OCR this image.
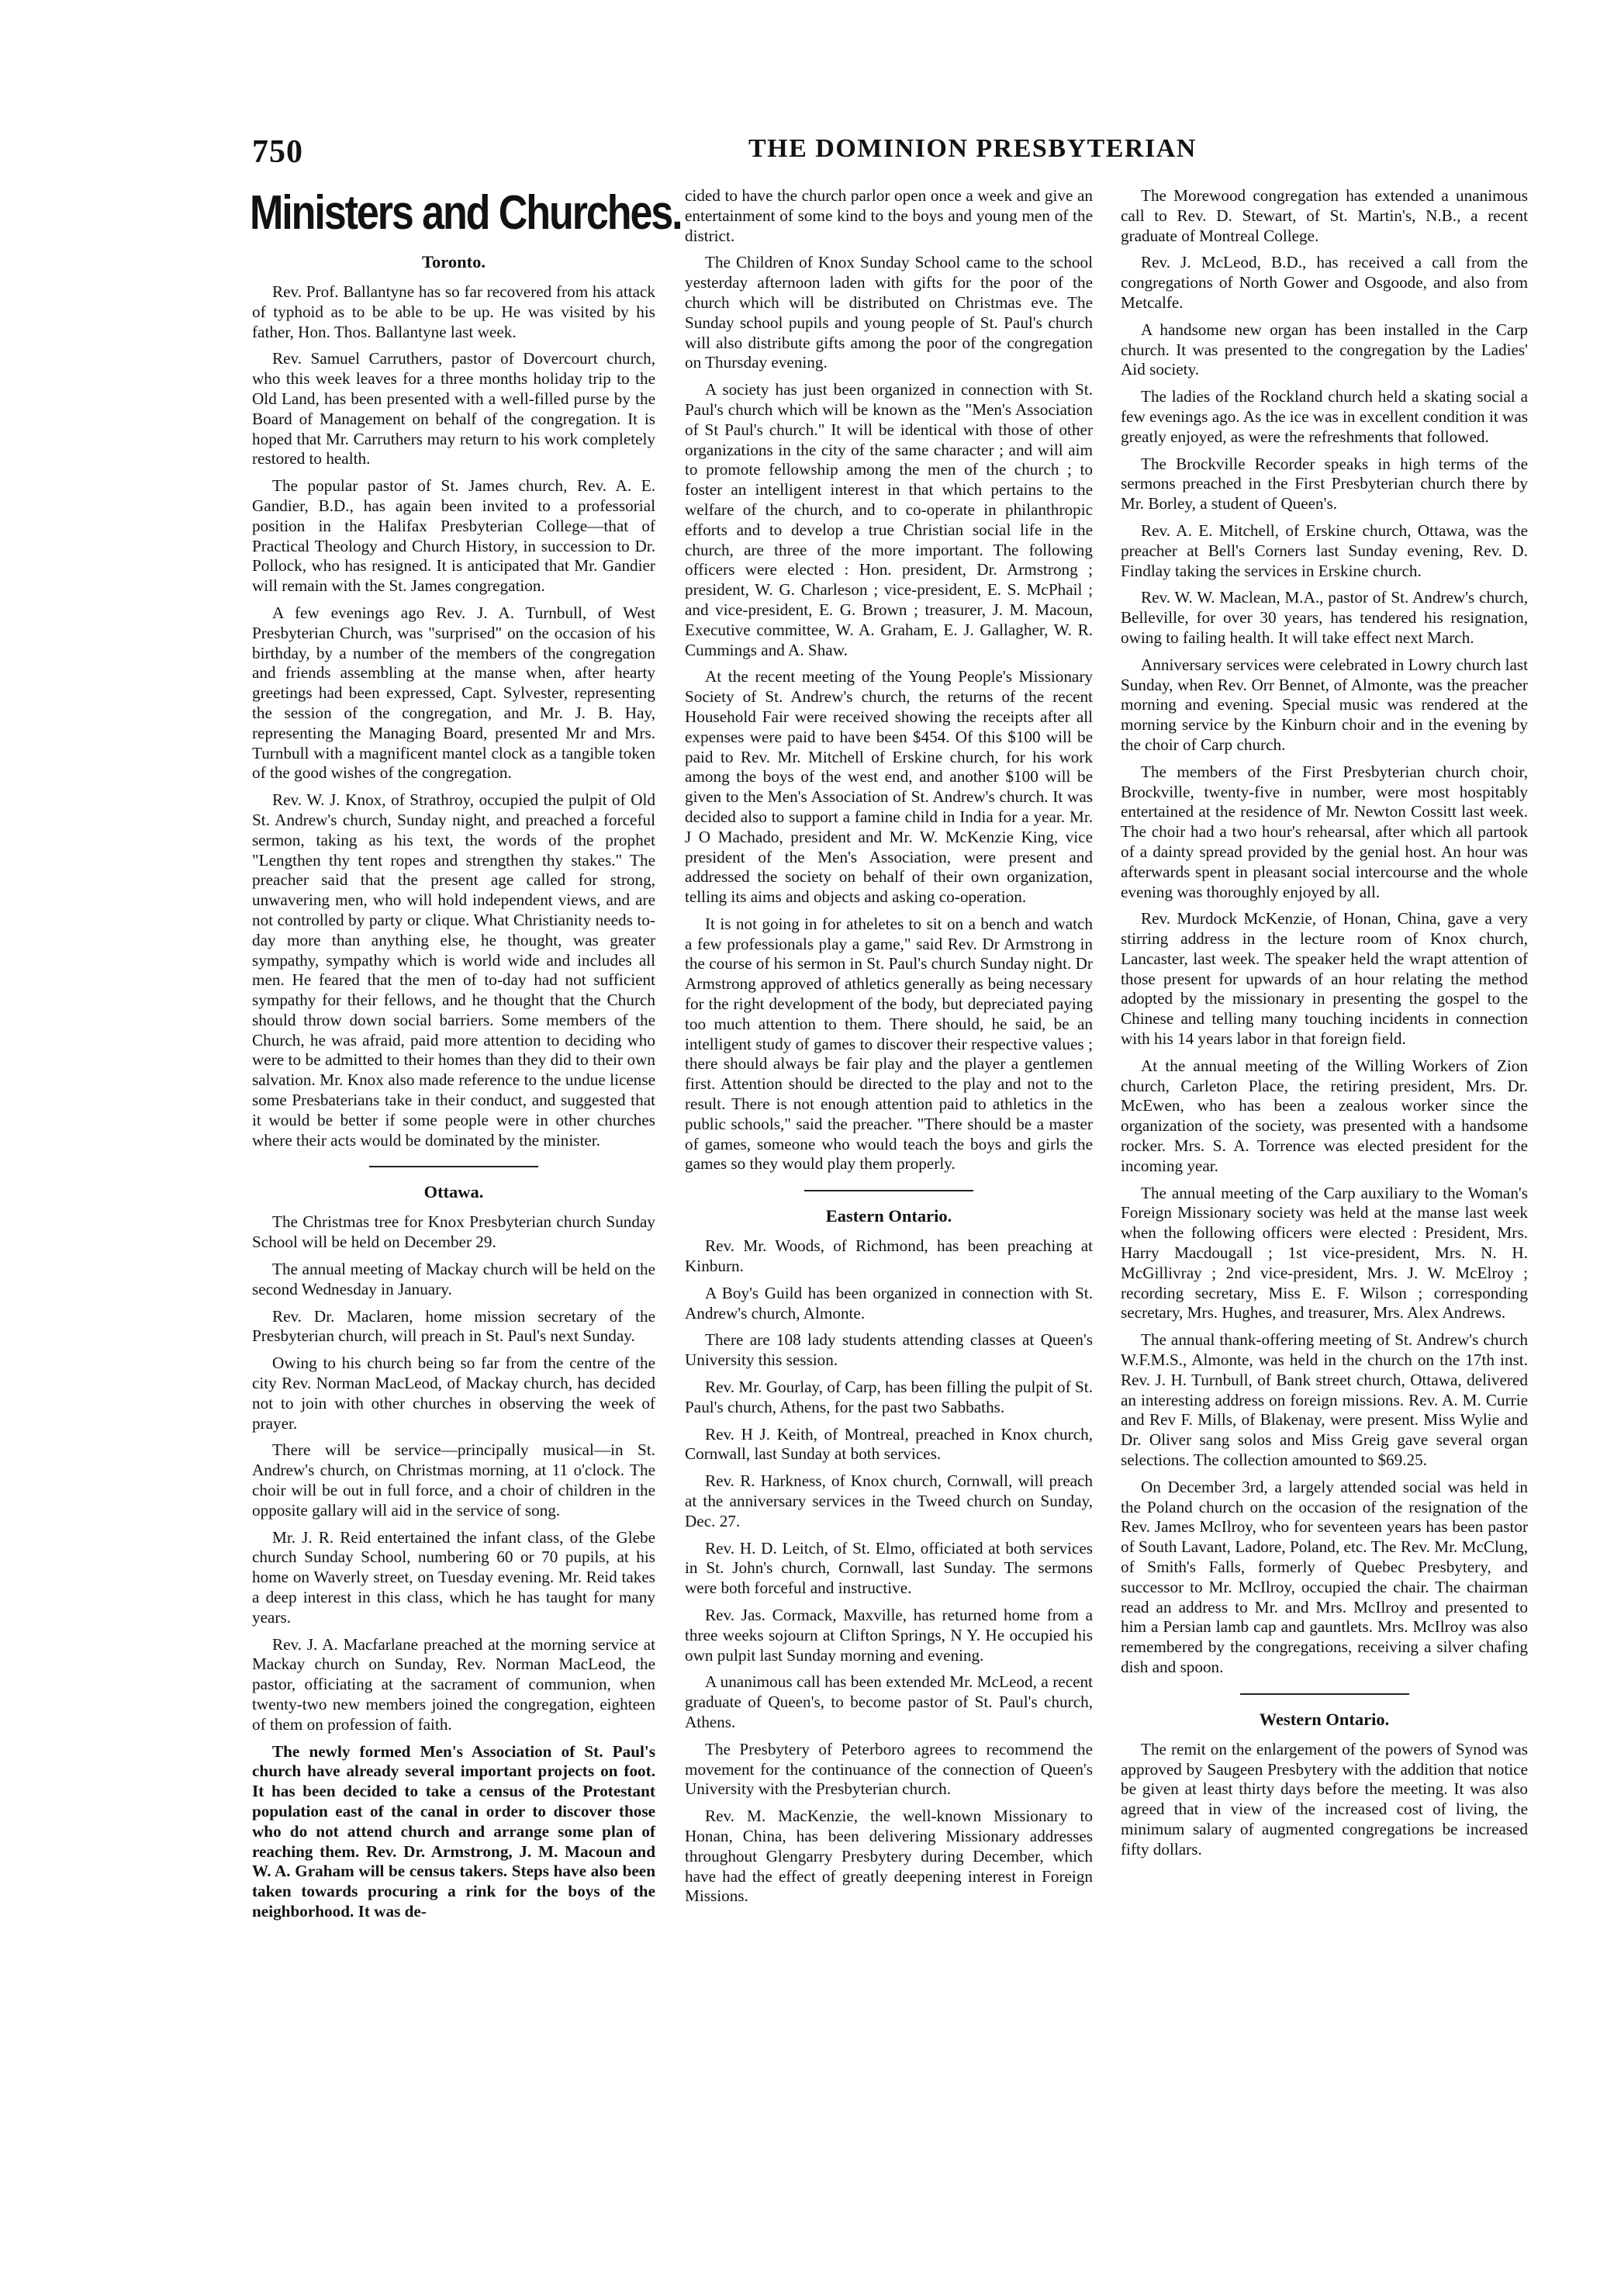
750	THE DOMINION PRESBYTERIAN
Ministers and Churches.
Toronto.

Rev. Prof. Ballantyne has so far recovered from his attack of typhoid as to be able to be up. He was visited by his father, Hon. Thos. Ballantyne last week.

Rev. Samuel Carruthers, pastor of Dovercourt church, who this week leaves for a three months holiday trip to the Old Land, has been presented with a well-filled purse by the Board of Management on behalf of the congregation. It is hoped that Mr. Carruthers may return to his work completely restored to health.

The popular pastor of St. James church, Rev. A. E. Gandier, B.D., has again been invited to a professorial position in the Halifax Presbyterian College—that of Practical Theology and Church History, in succession to Dr. Pollock, who has resigned. It is anticipated that Mr. Gandier will remain with the St. James congregation.

A few evenings ago Rev. J. A. Turnbull, of West Presbyterian Church, was "surprised" on the occasion of his birthday, by a number of the members of the congregation and friends assembling at the manse when, after hearty greetings had been expressed, Capt. Sylvester, representing the session of the congregation, and Mr. J. B. Hay, representing the Managing Board, presented Mr and Mrs. Turnbull with a magnificent mantel clock as a tangible token of the good wishes of the congregation.

Rev. W. J. Knox, of Strathroy, occupied the pulpit of Old St. Andrew's church, Sunday night, and preached a forceful sermon, taking as his text, the words of the prophet "Lengthen thy tent ropes and strengthen thy stakes." The preacher said that the present age called for strong, unwavering men, who will hold independent views, and are not controlled by party or clique. What Christianity needs to-day more than anything else, he thought, was greater sympathy, sympathy which is world wide and includes all men. He feared that the men of to-day had not sufficient sympathy for their fellows, and he thought that the Church should throw down social barriers. Some members of the Church, he was afraid, paid more attention to deciding who were to be admitted to their homes than they did to their own salvation. Mr. Knox also made reference to the undue license some Presbaterians take in their conduct, and suggested that it would be better if some people were in other churches where their acts would be dominated by the minister.

Ottawa.

The Christmas tree for Knox Presbyterian church Sunday School will be held on December 29.

The annual meeting of Mackay church will be held on the second Wednesday in January.

Rev. Dr. Maclaren, home mission secretary of the Presbyterian church, will preach in St. Paul's next Sunday.

Owing to his church being so far from the centre of the city Rev. Norman MacLeod, of Mackay church, has decided not to join with other churches in observing the week of prayer.

There will be service—principally musical—in St. Andrew's church, on Christmas morning, at 11 o'clock. The choir will be out in full force, and a choir of children in the opposite gallary will aid in the service of song.

Mr. J. R. Reid entertained the infant class, of the Glebe church Sunday School, numbering 60 or 70 pupils, at his home on Waverly street, on Tuesday evening. Mr. Reid takes a deep interest in this class, which he has taught for many years.

Rev. J. A. Macfarlane preached at the morning service at Mackay church on Sunday, Rev. Norman MacLeod, the pastor, officiating at the sacrament of communion, when twenty-two new members joined the congregation, eighteen of them on profession of faith.

The newly formed Men's Association of St. Paul's church have already several important projects on foot. It has been decided to take a census of the Protestant population east of the canal in order to discover those who do not attend church and arrange some plan of reaching them. Rev. Dr. Armstrong, J. M. Macoun and W. A. Graham will be census takers. Steps have also been taken towards procuring a rink for the boys of the neighborhood. It was de-

cided to have the church parlor open once a week and give an entertainment of some kind to the boys and young men of the district.

The Children of Knox Sunday School came to the school yesterday afternoon laden with gifts for the poor of the church which will be distributed on Christmas eve. The Sunday school pupils and young people of St. Paul's church will also distribute gifts among the poor of the congregation on Thursday evening.

A society has just been organized in connection with St. Paul's church which will be known as the "Men's Association of St Paul's church." It will be identical with those of other organizations in the city of the same character ; and will aim to promote fellowship among the men of the church ; to foster an intelligent interest in that which pertains to the welfare of the church, and to co-operate in philanthropic efforts and to develop a true Christian social life in the church, are three of the more important. The following officers were elected : Hon. president, Dr. Armstrong ; president, W. G. Charleson ; vice-president, E. S. McPhail ; and vice-president, E. G. Brown ; treasurer, J. M. Macoun, Executive committee, W. A. Graham, E. J. Gallagher, W. R. Cummings and A. Shaw.

At the recent meeting of the Young People's Missionary Society of St. Andrew's church, the returns of the recent Household Fair were received showing the receipts after all expenses were paid to have been $454. Of this $100 will be paid to Rev. Mr. Mitchell of Erskine church, for his work among the boys of the west end, and another $100 will be given to the Men's Association of St. Andrew's church. It was decided also to support a famine child in India for a year. Mr. J O Machado, president and Mr. W. McKenzie King, vice president of the Men's Association, were present and addressed the society on behalf of their own organization, telling its aims and objects and asking co-operation.

It is not going in for atheletes to sit on a bench and watch a few professionals play a game," said Rev. Dr Armstrong in the course of his sermon in St. Paul's church Sunday night. Dr Armstrong approved of athletics generally as being necessary for the right development of the body, but depreciated paying too much attention to them. There should, he said, be an intelligent study of games to discover their respective values ; there should always be fair play and the player a gentlemen first. Attention should be directed to the play and not to the result. There is not enough attention paid to athletics in the public schools," said the preacher. "There should be a master of games, someone who would teach the boys and girls the games so they would play them properly.

Eastern Ontario.

Rev. Mr. Woods, of Richmond, has been preaching at Kinburn.

A Boy's Guild has been organized in connection with St. Andrew's church, Almonte.

There are 108 lady students attending classes at Queen's University this session.

Rev. Mr. Gourlay, of Carp, has been filling the pulpit of St. Paul's church, Athens, for the past two Sabbaths.

Rev. H J. Keith, of Montreal, preached in Knox church, Cornwall, last Sunday at both services.

Rev. R. Harkness, of Knox church, Cornwall, will preach at the anniversary services in the Tweed church on Sunday, Dec. 27.

Rev. H. D. Leitch, of St. Elmo, officiated at both services in St. John's church, Cornwall, last Sunday. The sermons were both forceful and instructive.

Rev. Jas. Cormack, Maxville, has returned home from a three weeks sojourn at Clifton Springs, N Y. He occupied his own pulpit last Sunday morning and evening.

A unanimous call has been extended Mr. McLeod, a recent graduate of Queen's, to become pastor of St. Paul's church, Athens.

The Presbytery of Peterboro agrees to recommend the movement for the continuance of the connection of Queen's University with the Presbyterian church.

Rev. M. MacKenzie, the well-known Missionary to Honan, China, has been delivering Missionary addresses throughout Glengarry Presbytery during December, which have had the effect of greatly deepening interest in Foreign Missions.

The Morewood congregation has extended a unanimous call to Rev. D. Stewart, of St. Martin's, N.B., a recent graduate of Montreal College.

Rev. J. McLeod, B.D., has received a call from the congregations of North Gower and Osgoode, and also from Metcalfe.

A handsome new organ has been installed in the Carp church. It was presented to the congregation by the Ladies' Aid society.

The ladies of the Rockland church held a skating social a few evenings ago. As the ice was in excellent condition it was greatly enjoyed, as were the refreshments that followed.

The Brockville Recorder speaks in high terms of the sermons preached in the First Presbyterian church there by Mr. Borley, a student of Queen's.

Rev. A. E. Mitchell, of Erskine church, Ottawa, was the preacher at Bell's Corners last Sunday evening, Rev. D. Findlay taking the services in Erskine church.

Rev. W. W. Maclean, M.A., pastor of St. Andrew's church, Belleville, for over 30 years, has tendered his resignation, owing to failing health. It will take effect next March.

Anniversary services were celebrated in Lowry church last Sunday, when Rev. Orr Bennet, of Almonte, was the preacher morning and evening. Special music was rendered at the morning service by the Kinburn choir and in the evening by the choir of Carp church.

The members of the First Presbyterian church choir, Brockville, twenty-five in number, were most hospitably entertained at the residence of Mr. Newton Cossitt last week. The choir had a two hour's rehearsal, after which all partook of a dainty spread provided by the genial host. An hour was afterwards spent in pleasant social intercourse and the whole evening was thoroughly enjoyed by all.

Rev. Murdock McKenzie, of Honan, China, gave a very stirring address in the lecture room of Knox church, Lancaster, last week. The speaker held the wrapt attention of those present for upwards of an hour relating the method adopted by the missionary in presenting the gospel to the Chinese and telling many touching incidents in connection with his 14 years labor in that foreign field.

At the annual meeting of the Willing Workers of Zion church, Carleton Place, the retiring president, Mrs. Dr. McEwen, who has been a zealous worker since the organization of the society, was presented with a handsome rocker. Mrs. S. A. Torrence was elected president for the incoming year.

The annual meeting of the Carp auxiliary to the Woman's Foreign Missionary society was held at the manse last week when the following officers were elected : President, Mrs. Harry Macdougall ; 1st vice-president, Mrs. N. H. McGillivray ; 2nd vice-president, Mrs. J. W. McElroy ; recording secretary, Miss E. F. Wilson ; corresponding secretary, Mrs. Hughes, and treasurer, Mrs. Alex Andrews.

The annual thank-offering meeting of St. Andrew's church W.F.M.S., Almonte, was held in the church on the 17th inst. Rev. J. H. Turnbull, of Bank street church, Ottawa, delivered an interesting address on foreign missions. Rev. A. M. Currie and Rev F. Mills, of Blakenay, were present. Miss Wylie and Dr. Oliver sang solos and Miss Greig gave several organ selections. The collection amounted to $69.25.

On December 3rd, a largely attended social was held in the Poland church on the occasion of the resignation of the Rev. James McIlroy, who for seventeen years has been pastor of South Lavant, Ladore, Poland, etc. The Rev. Mr. McClung, of Smith's Falls, formerly of Quebec Presbytery, and successor to Mr. McIlroy, occupied the chair. The chairman read an address to Mr. and Mrs. McIlroy and presented to him a Persian lamb cap and gauntlets. Mrs. McIlroy was also remembered by the congregations, receiving a silver chafing dish and spoon.

Western Ontario.

The remit on the enlargement of the powers of Synod was approved by Saugeen Presbytery with the addition that notice be given at least thirty days before the meeting. It was also agreed that in view of the increased cost of living, the minimum salary of augmented congregations be increased fifty dollars.
